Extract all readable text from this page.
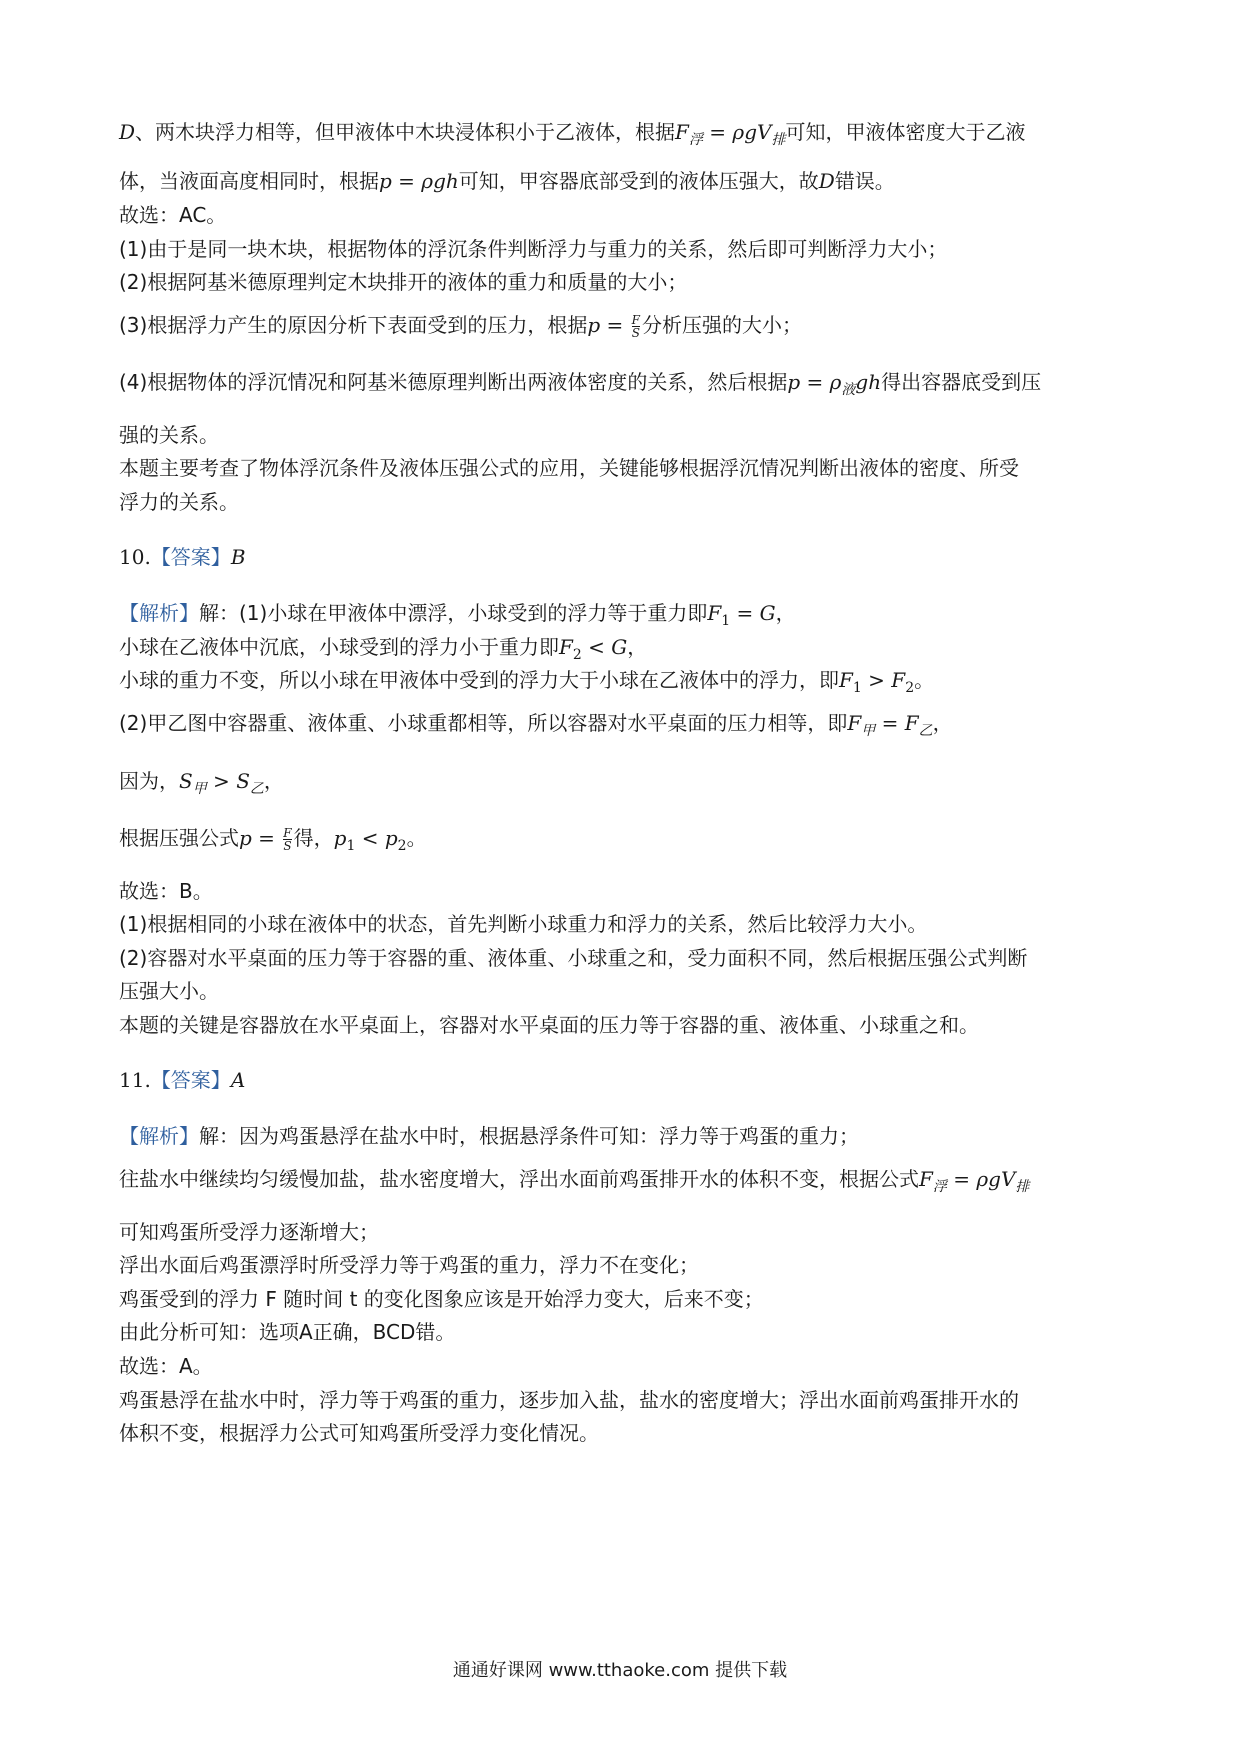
D、两木块浮力相等，但甲液体中木块浸体积小于乙液体，根据$F_浮 = \rho gV_排$可知，甲液体密度大于乙液
体，当液面高度相同时，根据p = ρgh可知，甲容器底部受到的液体压强大，故D错误。
故选：AC。
(1)由于是同一块木块，根据物体的浮沉条件判断浮力与重力的关系，然后即可判断浮力大小；
(2)根据阿基米德原理判定木块排开的液体的重力和质量的大小；
(3)根据浮力产生的原因分析下表面受到的压力，根据$p = \frac{F}{S}$ 分析压强的大小；
(4)根据物体的浮沉情况和阿基米德原理判断出两液体密度的关系，然后根据$p = \rho_液gh$得出容器底受到压
强的关系。
本题主要考查了物体浮沉条件及液体压强公式的应用，关键能够根据浮沉情况判断出液体的密度、所受
浮力的关系。
10.【答案】B
【解析】解：(1)小球在甲液体中漂浮，小球受到的浮力等于重力即$F_1 = G$，
小球在乙液体中沉底，小球受到的浮力小于重力即$F_2 < G$，
小球的重力不变，所以小球在甲液体中受到的浮力大于小球在乙液体中的浮力，即$F_1 > F_2$。
(2)甲乙图中容器重、液体重、小球重都相等，所以容器对水平桌面的压力相等，即$F_甲 = F_乙$，
因为，$S_甲 > S_乙$，
根据压强公式$p = \frac{F}{S}$ 得，$p_1 < p_2$。
故选：B。
(1)根据相同的小球在液体中的状态，首先判断小球重力和浮力的关系，然后比较浮力大小。
(2)容器对水平桌面的压力等于容器的重、液体重、小球重之和，受力面积不同，然后根据压强公式判断
压强大小。
本题的关键是容器放在水平桌面上，容器对水平桌面的压力等于容器的重、液体重、小球重之和。
11.【答案】A
【解析】解：因为鸡蛋悬浮在盐水中时，根据悬浮条件可知：浮力等于鸡蛋的重力；
往盐水中继续均匀缓慢加盐，盐水密度增大，浮出水面前鸡蛋排开水的体积不变，根据公式$F_浮 = \rho gV_排$
可知鸡蛋所受浮力逐渐增大；
浮出水面后鸡蛋漂浮时所受浮力等于鸡蛋的重力，浮力不在变化；
鸡蛋受到的浮力 F 随时间 t 的变化图象应该是开始浮力变大，后来不变；
由此分析可知：选项A正确，BCD错。
故选：A。
鸡蛋悬浮在盐水中时，浮力等于鸡蛋的重力，逐步加入盐，盐水的密度增大；浮出水面前鸡蛋排开水的
体积不变，根据浮力公式可知鸡蛋所受浮力变化情况。
通通好课网 www.tthaoke.com 提供下载
